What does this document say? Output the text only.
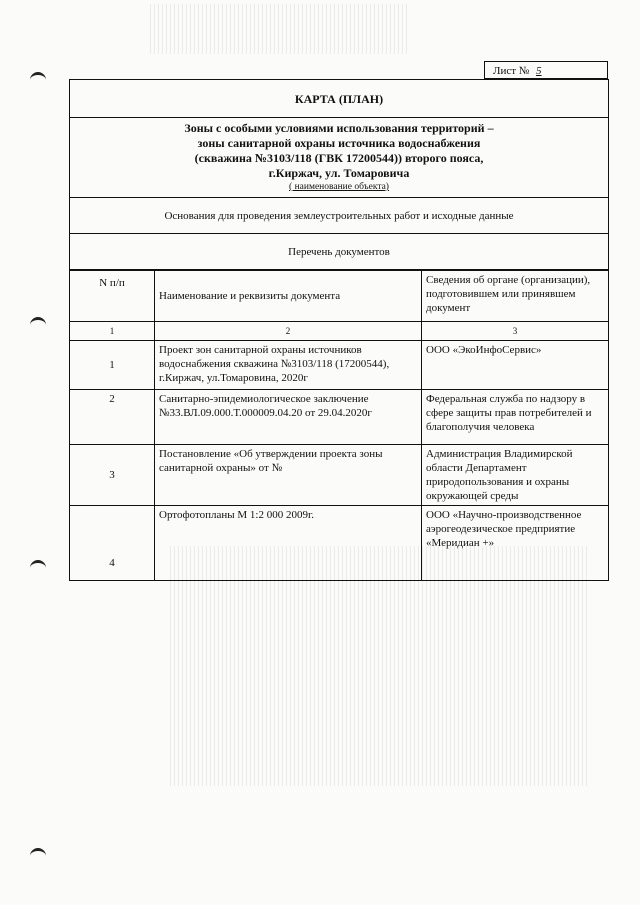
Лист № 5
КАРТА (ПЛАН)
Зоны с особыми условиями использования территорий –
зоны санитарной охраны источника водоснабжения
(скважина №3103/118 (ГВК 17200544)) второго пояса,
г.Киржач, ул. Томаровича
( наименование объекта)
Основания для проведения землеустроительных работ и исходные данные
Перечень документов
N п/п	Наименование и реквизиты документа	Сведения об органе (организации), подготовившем или принявшем документ
1	2	3
1	Проект зон санитарной охраны источников водоснабжения скважина №3103/118 (17200544), г.Киржач, ул.Томаровина, 2020г	ООО «ЭкоИнфоСервис»
2	Санитарно-эпидемиологическое заключение №33.ВЛ.09.000.Т.000009.04.20 от 29.04.2020г	Федеральная служба по надзору в сфере защиты прав потребителей и благополучия человека
3	Постановление «Об утверждении проекта зоны санитарной охраны» от №	Администрация Владимирской области Департамент природопользования и охраны окружающей среды
4	Ортофотопланы М 1:2 000 2009г.	ООО «Научно-производственное аэрогеодезическое предприятие «Меридиан +»
